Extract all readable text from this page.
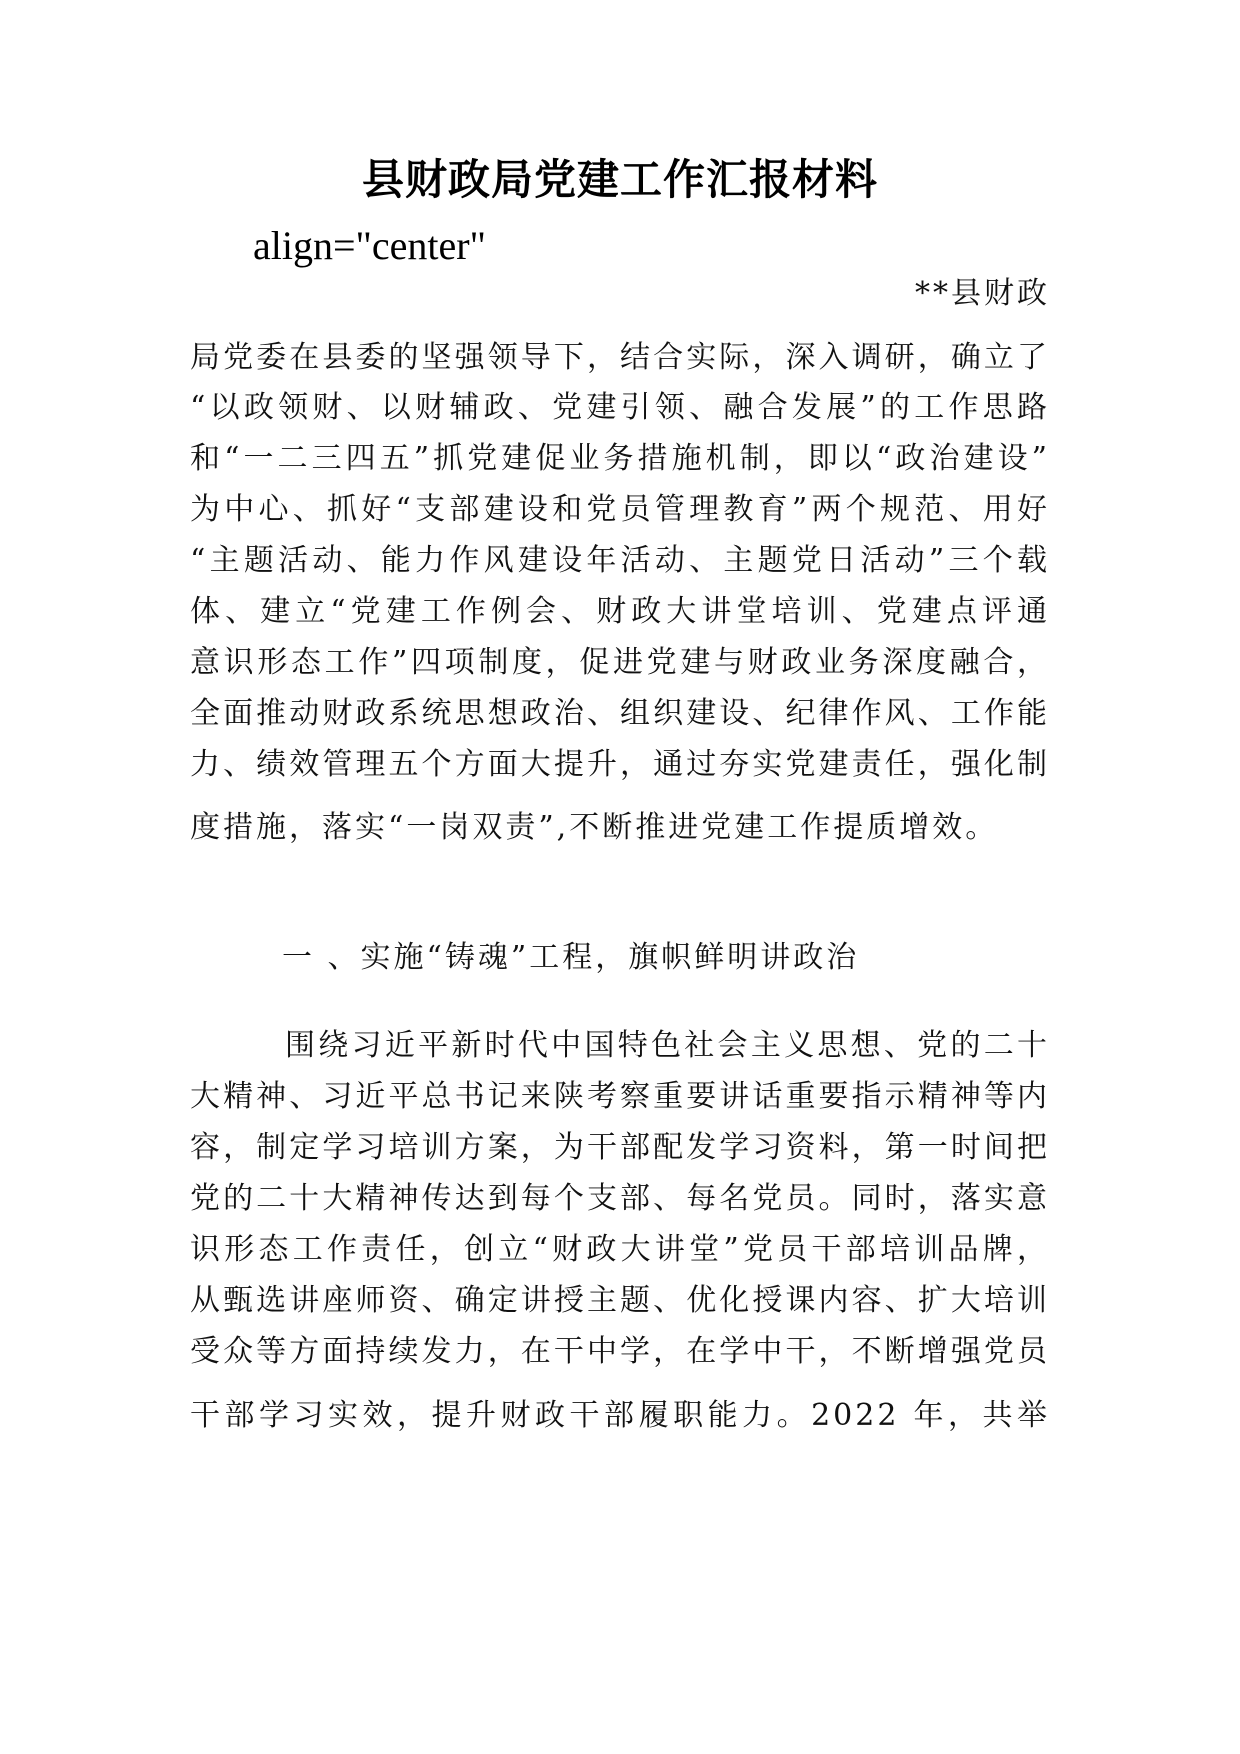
县财政局党建工作汇报材料
align="center"
**县财政
局党委在县委的坚强领导下，结合实际，深入调研，确立了
“以政领财、以财辅政、党建引领、融合发展”的工作思路
和“一二三四五”抓党建促业务措施机制，即以“政治建设”
为中心、抓好“支部建设和党员管理教育”两个规范、用好
“主题活动、能力作风建设年活动、主题党日活动”三个载
体、建立“党建工作例会、财政大讲堂培训、党建点评通
意识形态工作”四项制度，促进党建与财政业务深度融合，
全面推动财政系统思想政治、组织建设、纪律作风、工作能
力、绩效管理五个方面大提升，通过夯实党建责任，强化制
度措施，落实“一岗双责”,不断推进党建工作提质增效。
一 、实施“铸魂”工程，旗帜鲜明讲政治
围绕习近平新时代中国特色社会主义思想、党的二十
大精神、习近平总书记来陕考察重要讲话重要指示精神等内
容，制定学习培训方案，为干部配发学习资料，第一时间把
党的二十大精神传达到每个支部、每名党员。同时，落实意
识形态工作责任，创立“财政大讲堂”党员干部培训品牌，
从甄选讲座师资、确定讲授主题、优化授课内容、扩大培训
受众等方面持续发力，在干中学，在学中干，不断增强党员
干部学习实效，提升财政干部履职能力。2022 年，共举
